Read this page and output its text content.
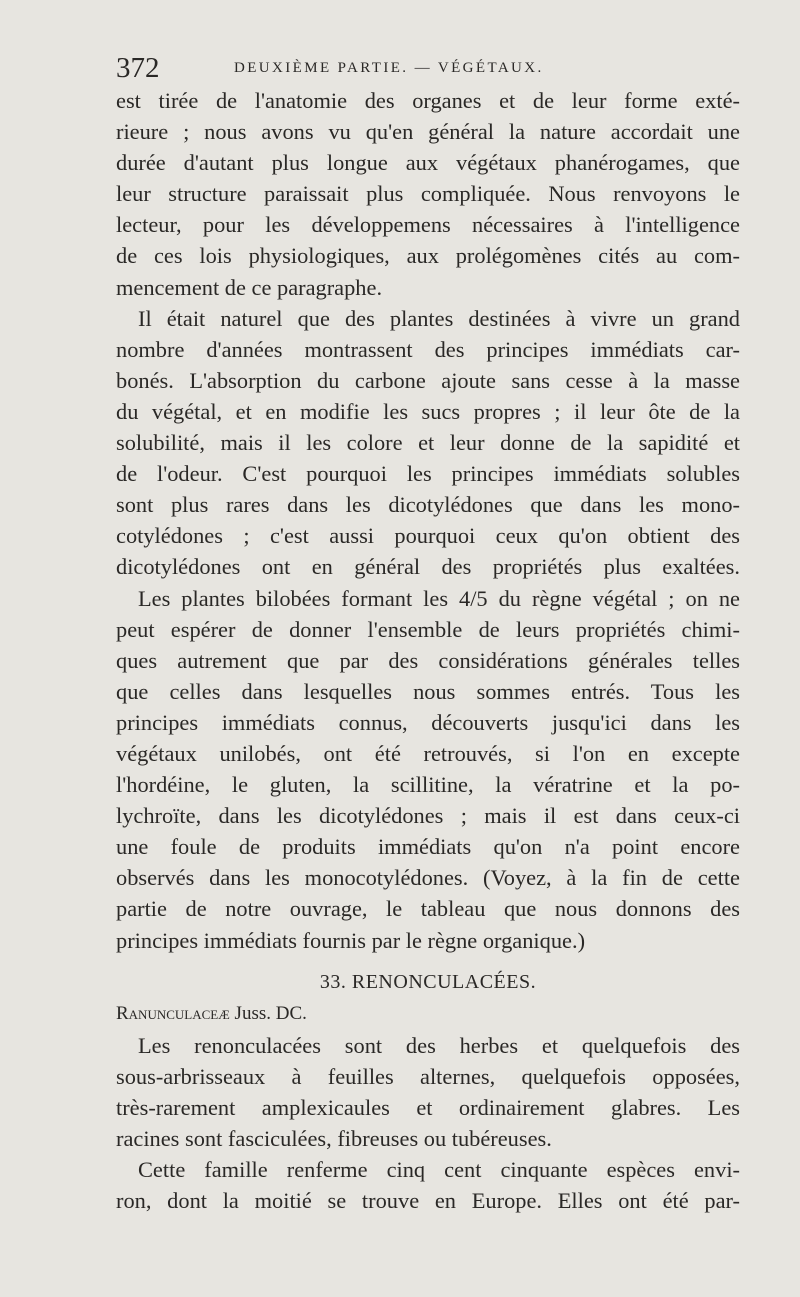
372	DEUXIÈME PARTIE. — VÉGÉTAUX.
est tirée de l'anatomie des organes et de leur forme exté-
rieure ; nous avons vu qu'en général la nature accordait une
durée d'autant plus longue aux végétaux phanérogames, que
leur structure paraissait plus compliquée. Nous renvoyons le
lecteur, pour les développemens nécessaires à l'intelligence
de ces lois physiologiques, aux prolégomènes cités au com-
mencement de ce paragraphe.
Il était naturel que des plantes destinées à vivre un grand
nombre d'années montrassent des principes immédiats car-
bonés. L'absorption du carbone ajoute sans cesse à la masse
du végétal, et en modifie les sucs propres ; il leur ôte de la
solubilité, mais il les colore et leur donne de la sapidité et
de l'odeur. C'est pourquoi les principes immédiats solubles
sont plus rares dans les dicotylédones que dans les mono-
cotylédones ; c'est aussi pourquoi ceux qu'on obtient des
dicotylédones ont en général des propriétés plus exaltées.
Les plantes bilobées formant les 4/5 du règne végétal ; on ne
peut espérer de donner l'ensemble de leurs propriétés chimi-
ques autrement que par des considérations générales telles
que celles dans lesquelles nous sommes entrés. Tous les
principes immédiats connus, découverts jusqu'ici dans les
végétaux unilobés, ont été retrouvés, si l'on en excepte
l'hordéine, le gluten, la scillitine, la vératrine et la po-
lychroïte, dans les dicotylédones ; mais il est dans ceux-ci
une foule de produits immédiats qu'on n'a point encore
observés dans les monocotylédones. (Voyez, à la fin de cette
partie de notre ouvrage, le tableau que nous donnons des
principes immédiats fournis par le règne organique.)
33. RENONCULACÉES.
Ranunculaceæ Juss. DC.
Les renonculacées sont des herbes et quelquefois des
sous-arbrisseaux à feuilles alternes, quelquefois opposées,
très-rarement amplexicaules et ordinairement glabres. Les
racines sont fasciculées, fibreuses ou tubéreuses.
Cette famille renferme cinq cent cinquante espèces envi-
ron, dont la moitié se trouve en Europe. Elles ont été par-
